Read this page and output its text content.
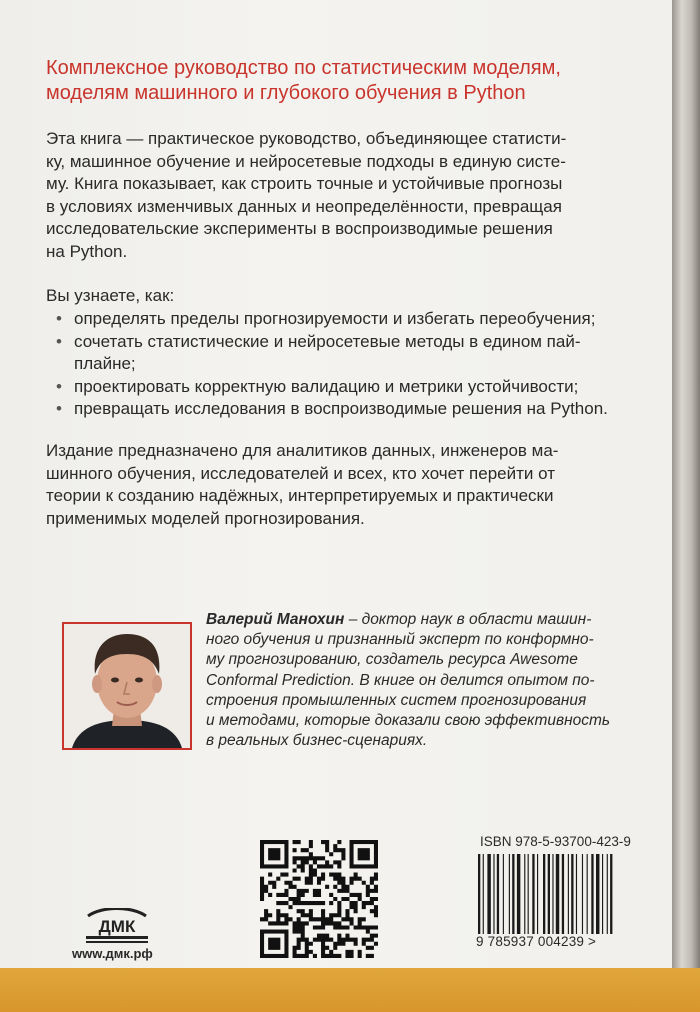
Комплексное руководство по статистическим моделям,
моделям машинного и глубокого обучения в Python
Эта книга — практическое руководство, объединяющее статисти-
ку, машинное обучение и нейросетевые подходы в единую систе-
му. Книга показывает, как строить точные и устойчивые прогнозы
в условиях изменчивых данных и неопределённости, превращая
исследовательские эксперименты в воспроизводимые решения
на Python.
Вы узнаете, как:
• определять пределы прогнозируемости и избегать переобучения;
• сочетать статистические и нейросетевые методы в едином пай-
плайне;
• проектировать корректную валидацию и метрики устойчивости;
• превращать исследования в воспроизводимые решения на Python.
Издание предназначено для аналитиков данных, инженеров ма-
шинного обучения, исследователей и всех, кто хочет перейти от
теории к созданию надёжных, интерпретируемых и практически
применимых моделей прогнозирования.
Валерий Манохин – доктор наук в области машин-
ного обучения и признанный эксперт по конформно-
му прогнозированию, создатель ресурса Awesome
Conformal Prediction. В книге он делится опытом по-
строения промышленных систем прогнозирования
и методами, которые доказали свою эффективность
в реальных бизнес-сценариях.
ISBN 978-5-93700-423-9
9 785937 004239 >
ДМК
www.дмк.рф
